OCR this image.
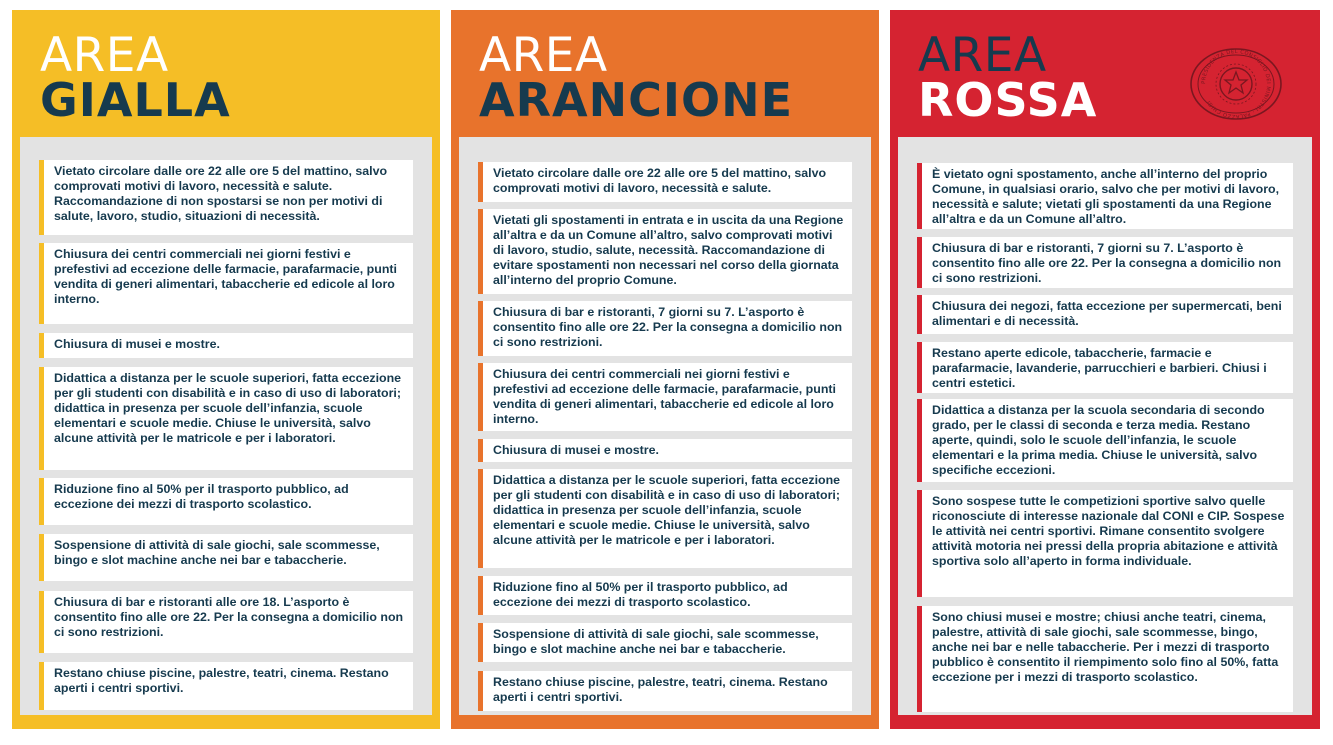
AREA
GIALLA
Vietato circolare dalle ore 22 alle ore 5 del mattino, salvo comprovati motivi di lavoro, necessità e salute. Raccomandazione di non spostarsi se non per motivi di salute, lavoro, studio, situazioni di necessità.
Chiusura dei centri commerciali nei giorni festivi e prefestivi ad eccezione delle farmacie, parafarmacie, punti vendita di generi alimentari, tabaccherie ed edicole al loro interno.
Chiusura di musei e mostre.
Didattica a distanza per le scuole superiori, fatta eccezione per gli studenti con disabilità e in caso di uso di laboratori; didattica in presenza per scuole dell’infanzia, scuole elementari e scuole medie. Chiuse le università, salvo alcune attività per le matricole e per i laboratori.
Riduzione fino al 50% per il trasporto pubblico, ad eccezione dei mezzi di trasporto scolastico.
Sospensione di attività di sale giochi, sale scommesse, bingo e slot machine anche nei bar e tabaccherie.
Chiusura di bar e ristoranti alle ore 18. L’asporto è consentito fino alle ore 22. Per la consegna a domicilio non ci sono restrizioni.
Restano chiuse piscine, palestre, teatri, cinema. Restano aperti i centri sportivi.
AREA
ARANCIONE
Vietato circolare dalle ore 22 alle ore 5 del mattino, salvo comprovati motivi di lavoro, necessità e salute.
Vietati gli spostamenti in entrata e in uscita da una Regione all’altra e da un Comune all’altro, salvo comprovati motivi di lavoro, studio, salute, necessità. Raccomandazione di evitare spostamenti non necessari nel corso della giornata all’interno del proprio Comune.
Chiusura di bar e ristoranti, 7 giorni su 7. L’asporto è consentito fino alle ore 22. Per la consegna a domicilio non ci sono restrizioni.
Chiusura dei centri commerciali nei giorni festivi e prefestivi ad eccezione delle farmacie, parafarmacie, punti vendita di generi alimentari, tabaccherie ed edicole al loro interno.
Chiusura di musei e mostre.
Didattica a distanza per le scuole superiori, fatta eccezione per gli studenti con disabilità e in caso di uso di laboratori; didattica in presenza per scuole dell’infanzia, scuole elementari e scuole medie. Chiuse le università, salvo alcune attività per le matricole e per i laboratori.
Riduzione fino al 50% per il trasporto pubblico, ad eccezione dei mezzi di trasporto scolastico.
Sospensione di attività di sale giochi, sale scommesse, bingo e slot machine anche nei bar e tabaccherie.
Restano chiuse piscine, palestre, teatri, cinema. Restano aperti i centri sportivi.
AREA
ROSSA	PRESIDENZA DEL CONSIGLIO DEI MINISTRI · PALAZZO CHIGI
È vietato ogni spostamento, anche all’interno del proprio Comune, in qualsiasi orario, salvo che per motivi di lavoro, necessità e salute; vietati gli spostamenti da una Regione all’altra e da un Comune all’altro.
Chiusura di bar e ristoranti, 7 giorni su 7. L’asporto è consentito fino alle ore 22. Per la consegna a domicilio non ci sono restrizioni.
Chiusura dei negozi, fatta eccezione per supermercati, beni alimentari e di necessità.
Restano aperte edicole, tabaccherie, farmacie e parafarmacie, lavanderie, parrucchieri e barbieri. Chiusi i centri estetici.
Didattica a distanza per la scuola secondaria di secondo grado, per le classi di seconda e terza media. Restano aperte, quindi, solo le scuole dell’infanzia, le scuole elementari e la prima media. Chiuse le università, salvo specifiche eccezioni.
Sono sospese tutte le competizioni sportive salvo quelle riconosciute di interesse nazionale dal CONI e CIP. Sospese le attività nei centri sportivi. Rimane consentito svolgere attività motoria nei pressi della propria abitazione e attività sportiva solo all’aperto in forma individuale.
Sono chiusi musei e mostre; chiusi anche teatri, cinema, palestre, attività di sale giochi, sale scommesse, bingo, anche nei bar e nelle tabaccherie. Per i mezzi di trasporto pubblico è consentito il riempimento solo fino al 50%, fatta eccezione per i mezzi di trasporto scolastico.
